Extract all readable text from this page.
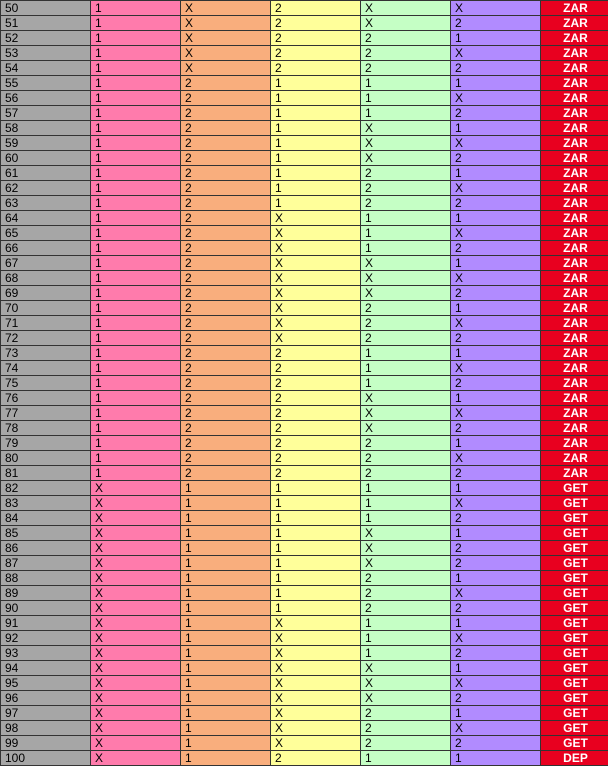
50	1	X	2	X	X	ZAR
51	1	X	2	X	2	ZAR
52	1	X	2	2	1	ZAR
53	1	X	2	2	X	ZAR
54	1	X	2	2	2	ZAR
55	1	2	1	1	1	ZAR
56	1	2	1	1	X	ZAR
57	1	2	1	1	2	ZAR
58	1	2	1	X	1	ZAR
59	1	2	1	X	X	ZAR
60	1	2	1	X	2	ZAR
61	1	2	1	2	1	ZAR
62	1	2	1	2	X	ZAR
63	1	2	1	2	2	ZAR
64	1	2	X	1	1	ZAR
65	1	2	X	1	X	ZAR
66	1	2	X	1	2	ZAR
67	1	2	X	X	1	ZAR
68	1	2	X	X	X	ZAR
69	1	2	X	X	2	ZAR
70	1	2	X	2	1	ZAR
71	1	2	X	2	X	ZAR
72	1	2	X	2	2	ZAR
73	1	2	2	1	1	ZAR
74	1	2	2	1	X	ZAR
75	1	2	2	1	2	ZAR
76	1	2	2	X	1	ZAR
77	1	2	2	X	X	ZAR
78	1	2	2	X	2	ZAR
79	1	2	2	2	1	ZAR
80	1	2	2	2	X	ZAR
81	1	2	2	2	2	ZAR
82	X	1	1	1	1	GET
83	X	1	1	1	X	GET
84	X	1	1	1	2	GET
85	X	1	1	X	1	GET
86	X	1	1	X	2	GET
87	X	1	1	X	2	GET
88	X	1	1	2	1	GET
89	X	1	1	2	X	GET
90	X	1	1	2	2	GET
91	X	1	X	1	1	GET
92	X	1	X	1	X	GET
93	X	1	X	1	2	GET
94	X	1	X	X	1	GET
95	X	1	X	X	X	GET
96	X	1	X	X	2	GET
97	X	1	X	2	1	GET
98	X	1	X	2	X	GET
99	X	1	X	2	2	GET
100	X	1	2	1	1	DEP
